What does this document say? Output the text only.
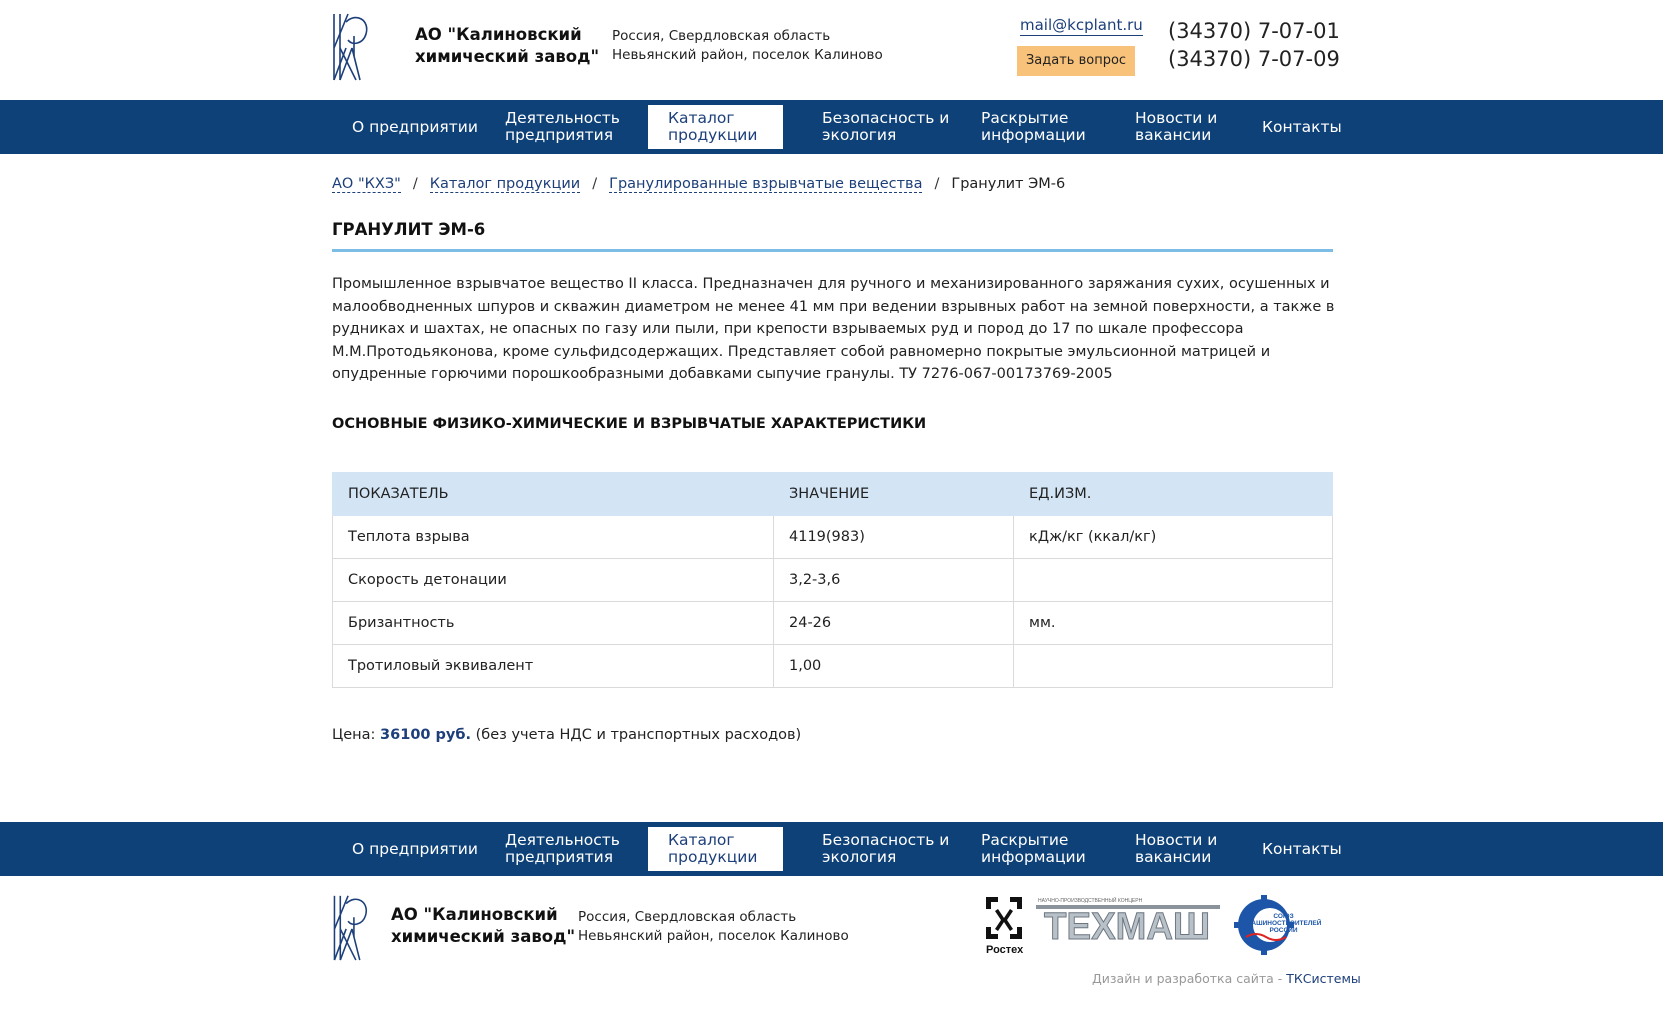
АО "Калиновский
химический завод"
Россия, Свердловская область
Невьянский район, поселок Калиново
mail@kcplant.ru
Задать вопрос
(34370) 7-07-01
(34370) 7-07-09
О предприятии	Деятельность
предприятия
Каталог
продукции
Безопасность и
экология
Раскрытие
информации
Новости и
вакансии	Контакты
АО "КХЗ" / Каталог продукции / Гранулированные взрывчатые вещества / Гранулит ЭМ-6
ГРАНУЛИТ ЭМ-6

Промышленное взрывчатое вещество II класса. Предназначен для ручного и механизированного заряжания сухих, осушенных и малообводненных шпуров и скважин диаметром не менее 41 мм при ведении взрывных работ на земной поверхности, а также в рудниках и шахтах, не опасных по газу или пыли, при крепости взрываемых руд и пород до 17 по шкале профессора М.М.Протодьяконова, кроме сульфидсодержащих. Представляет собой равномерно покрытые эмульсионной матрицей и опудренные горючими порошкообразными добавками сыпучие гранулы. ТУ 7276-067-00173769-2005

ОСНОВНЫЕ ФИЗИКО-ХИМИЧЕСКИЕ И ВЗРЫВЧАТЫЕ ХАРАКТЕРИСТИКИ
ПОКАЗАТЕЛЬ	ЗНАЧЕНИЕ	ЕД.ИЗМ.
Теплота взрыва	4119(983)	кДж/кг (ккал/кг)
Скорость детонации	3,2-3,6	
Бризантность	24-26	мм.
Тротиловый эквивалент	1,00	
Цена: 36100 руб. (без учета НДС и транспортных расходов)
О предприятии	Деятельность
предприятия
Каталог
продукции
Безопасность и
экология
Раскрытие
информации
Новости и
вакансии	Контакты
АО "Калиновский
химический завод"
Россия, Свердловская область
Невьянский район, поселок Калиново
Ростех
НАУЧНО-ПРОИЗВОДСТВЕННЫЙ КОНЦЕРН
ТЕХМАШ	СОЮЗ МАШИНОСТРОИТЕЛЕЙ РОССИИ
Дизайн и разработка сайта - ТКСистемы
